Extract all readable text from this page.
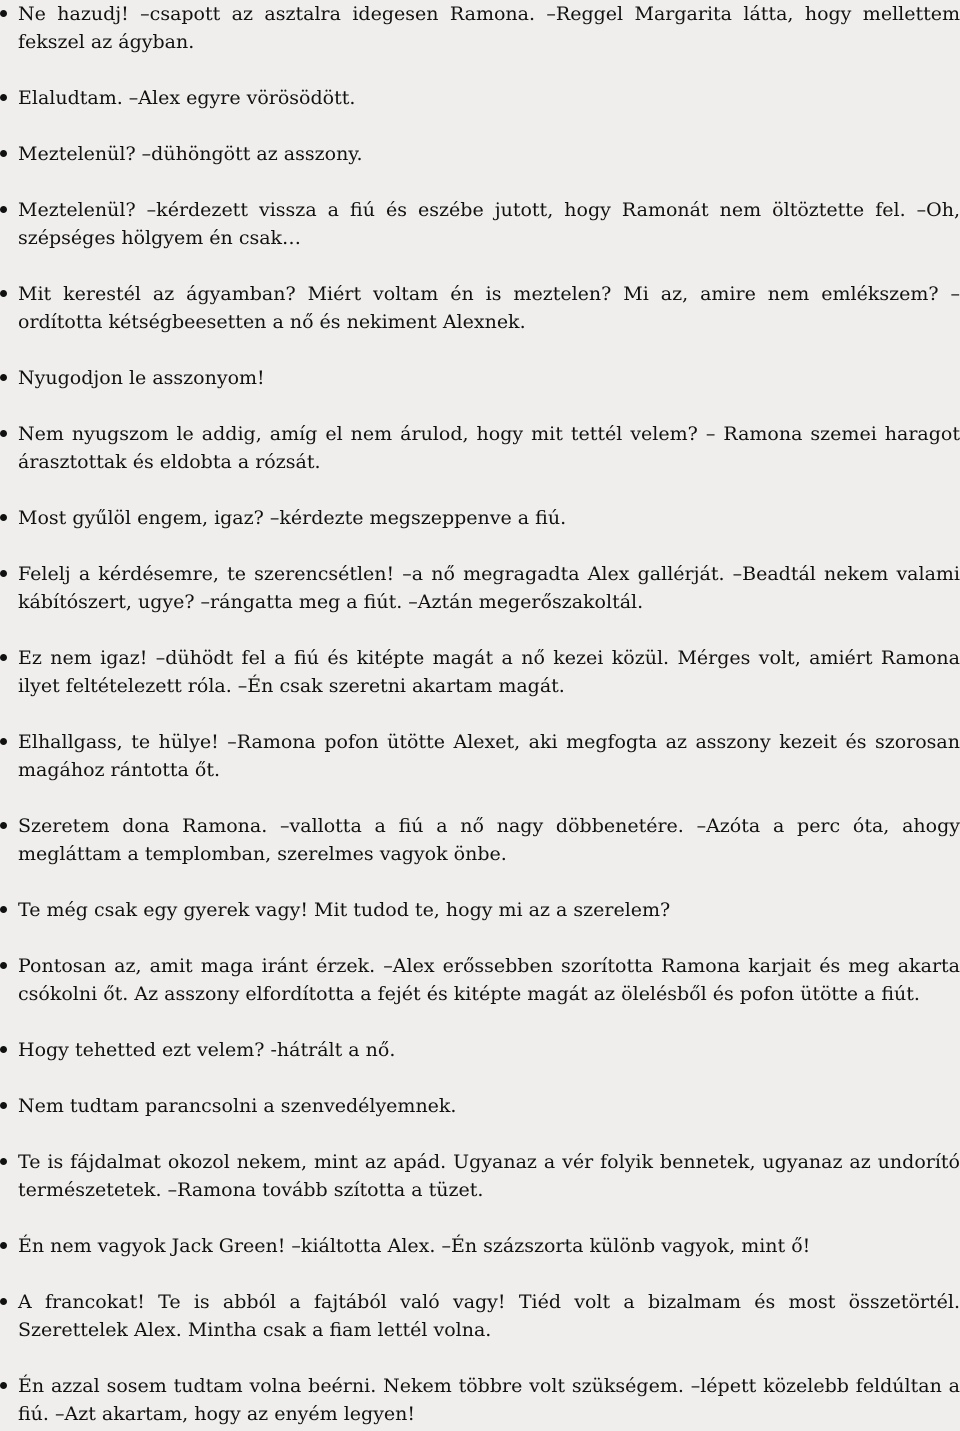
Ne hazudj! –csapott az asztalra idegesen Ramona. –Reggel Margarita látta, hogy mellettem fekszel az ágyban.
Elaludtam. –Alex egyre vörösödött.
Meztelenül? –dühöngött az asszony.
Meztelenül? –kérdezett vissza a fiú és eszébe jutott, hogy Ramonát nem öltöztette fel. –Oh, szépséges hölgyem én csak…
Mit kerestél az ágyamban? Miért voltam én is meztelen? Mi az, amire nem emlékszem? –ordította kétségbeesetten a nő és nekiment Alexnek.
Nyugodjon le asszonyom!
Nem nyugszom le addig, amíg el nem árulod, hogy mit tettél velem? – Ramona szemei haragot árasztottak és eldobta a rózsát.
Most gyűlöl engem, igaz? –kérdezte megszeppenve a fiú.
Felelj a kérdésemre, te szerencsétlen! –a nő megragadta Alex gallérját. –Beadtál nekem valami kábítószert, ugye? –rángatta meg a fiút. –Aztán megerőszakoltál.
Ez nem igaz! –dühödt fel a fiú és kitépte magát a nő kezei közül. Mérges volt, amiért Ramona ilyet feltételezett róla. –Én csak szeretni akartam magát.
Elhallgass, te hülye! –Ramona pofon ütötte Alexet, aki megfogta az asszony kezeit és szorosan magához rántotta őt.
Szeretem dona Ramona. –vallotta a fiú a nő nagy döbbenetére. –Azóta a perc óta, ahogy megláttam a templomban, szerelmes vagyok önbe.
Te még csak egy gyerek vagy! Mit tudod te, hogy mi az a szerelem?
Pontosan az, amit maga iránt érzek. –Alex erőssebben szorította Ramona karjait és meg akarta csókolni őt. Az asszony elfordította a fejét és kitépte magát az ölelésből és pofon ütötte a fiút.
Hogy tehetted ezt velem? -hátrált a nő.
Nem tudtam parancsolni a szenvedélyemnek.
Te is fájdalmat okozol nekem, mint az apád. Ugyanaz a vér folyik bennetek, ugyanaz az undorító természetetek. –Ramona tovább szította a tüzet.
Én nem vagyok Jack Green! –kiáltotta Alex. –Én százszorta különb vagyok, mint ő!
A francokat! Te is abból a fajtából való vagy! Tiéd volt a bizalmam és most összetörtél. Szerettelek Alex. Mintha csak a fiam lettél volna.
Én azzal sosem tudtam volna beérni. Nekem többre volt szükségem. –lépett közelebb feldúltan a fiú. –Azt akartam, hogy az enyém legyen!
